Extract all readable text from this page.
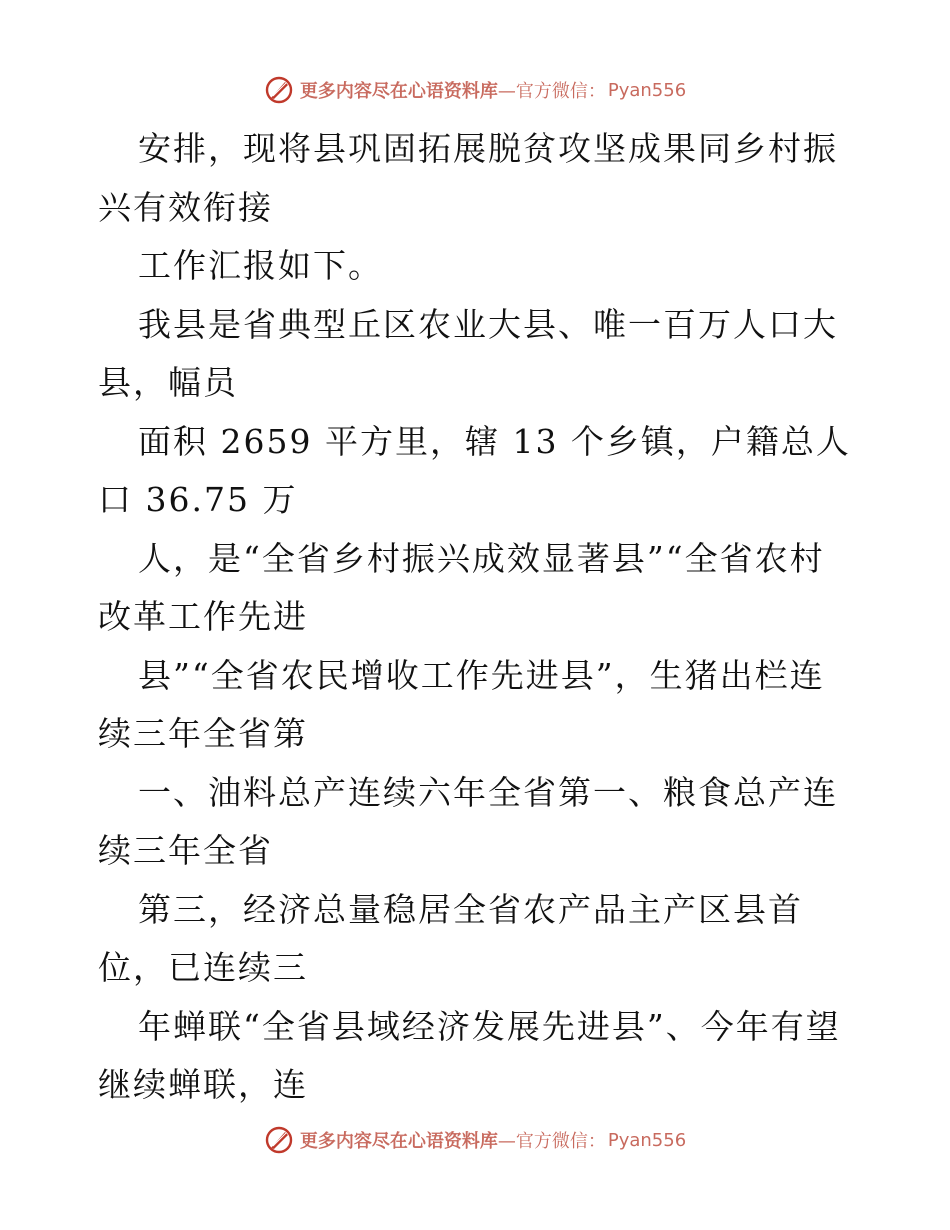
更多内容尽在心语资料库 —官方微信： Pyan556

安排，现将县巩固拓展脱贫攻坚成果同乡村振兴有效衔接

工作汇报如下。

我县是省典型丘区农业大县、唯一百万人口大县，幅员

面积 2659 平方里，辖 13 个乡镇，户籍总人口 36.75 万

人，是“全省乡村振兴成效显著县”“全省农村改革工作先进

县”“全省农民增收工作先进县”，生猪出栏连续三年全省第

一、油料总产连续六年全省第一、粮食总产连续三年全省

第三，经济总量稳居全省农产品主产区县首位，已连续三

年蝉联“全省县域经济发展先进县”、今年有望继续蝉联，连

更多内容尽在心语资料库 —官方微信： Pyan556
